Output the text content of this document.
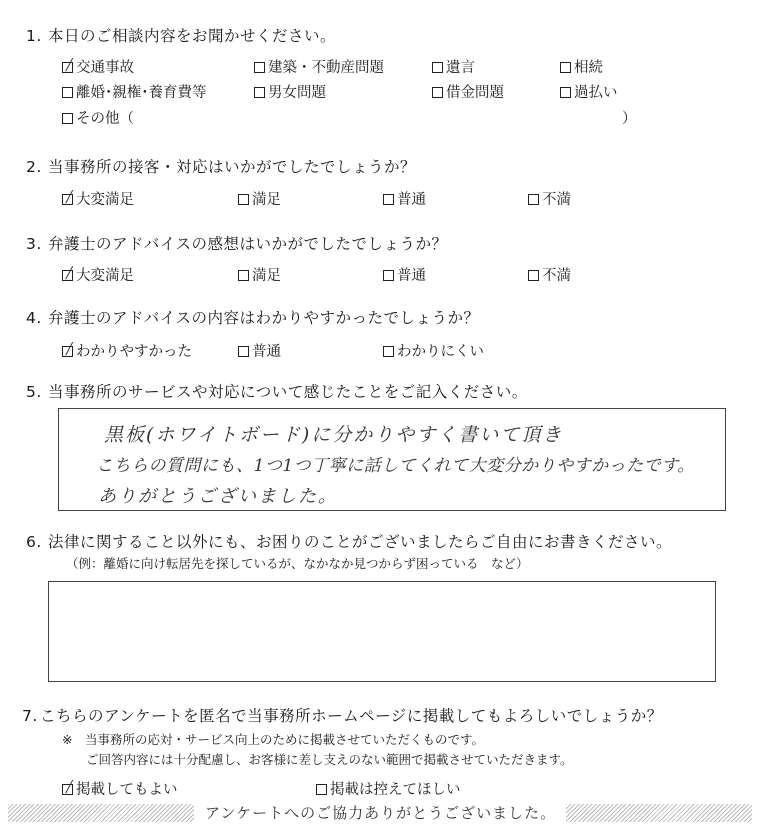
1. 本日のご相談内容をお聞かせください。
交通事故	建築・不動産問題	遺言	相続
離婚･親権･養育費等	男女問題	借金問題	過払い
その他（	）
2. 当事務所の接客・対応はいかがでしたでしょうか？
大変満足	満足	普通	不満
3. 弁護士のアドバイスの感想はいかがでしたでしょうか？
大変満足	満足	普通	不満
4. 弁護士のアドバイスの内容はわかりやすかったでしょうか？
わかりやすかった	普通	わかりにくい
5. 当事務所のサービスや対応について感じたことをご記入ください。
黒板(ホワイトボード)に分かりやすく書いて頂き
こちらの質問にも、1つ1つ丁寧に話してくれて大変分かりやすかったです。
ありがとうございました。
6. 法律に関すること以外にも、お困りのことがございましたらご自由にお書きください。
（例：離婚に向け転居先を探しているが、なかなか見つからず困っている　など）
7. こちらのアンケートを匿名で当事務所ホームページに掲載してもよろしいでしょうか？
※　当事務所の応対・サービス向上のために掲載させていただくものです。
ご回答内容には十分配慮し、お客様に差し支えのない範囲で掲載させていただきます。
掲載してもよい	掲載は控えてほしい
アンケートへのご協力ありがとうございました。
